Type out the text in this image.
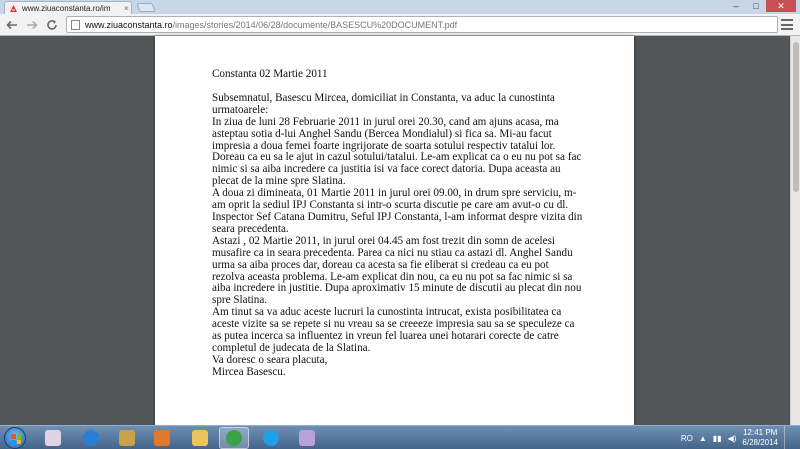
www.ziuaconstanta.ro/im	×	–	□	✕
www.ziuaconstanta.ro /images/stories/2014/06/28/documente/BASESCU%20DOCUMENT.pdf
Constanta 02 Martie 2011

Subsemnatul, Basescu Mircea, domiciliat in Constanta, va aduc la cunostinta

urmatoarele:

In ziua de luni 28 Februarie 2011 in jurul orei 20.30, cand am ajuns acasa, ma

asteptau sotia d-lui Anghel Sandu (Bercea Mondialul) si fica sa. Mi-au facut

impresia a doua femei foarte ingrijorate de soarta sotului respectiv tatalui lor.

Doreau ca eu sa le ajut in cazul sotului/tatalui. Le-am explicat ca o eu nu pot sa fac

nimic si sa aiba incredere ca justitia isi va face corect datoria. Dupa aceasta au

plecat de la mine spre Slatina.

A doua zi dimineata, 01 Martie 2011 in jurul orei 09.00, in drum spre serviciu, m-

am oprit la sediul IPJ Constanta si intr-o scurta discutie pe care am avut-o cu dl.

Inspector Sef Catana Dumitru, Seful IPJ Constanta, l-am informat despre vizita din

seara precedenta.

Astazi , 02 Martie 2011, in jurul orei 04.45 am fost trezit din somn de acelesi

musafire ca in seara precedenta. Parea ca nici nu stiau ca astazi dl. Anghel Sandu

urma sa aiba proces dar, doreau ca acesta sa fie eliberat si credeau ca eu pot

rezolva aceasta problema. Le-am explicat din nou, ca eu nu pot sa fac nimic si sa

aiba incredere in justitie. Dupa aproximativ 15 minute de discutii au plecat din nou

spre Slatina.

Am tinut sa va aduc aceste lucruri la cunostinta intrucat, exista posibilitatea ca

aceste vizite sa se repete si nu vreau sa se creeeze impresia sau sa se speculeze ca

as putea incerca sa influentez in vreun fel luarea unei hotarari corecte de catre

completul de judecata de la Slatina.

Va doresc o seara placuta,

Mircea Basescu.

RO ▲ ▮▮ ◀)
12:41 PM
6/28/2014
